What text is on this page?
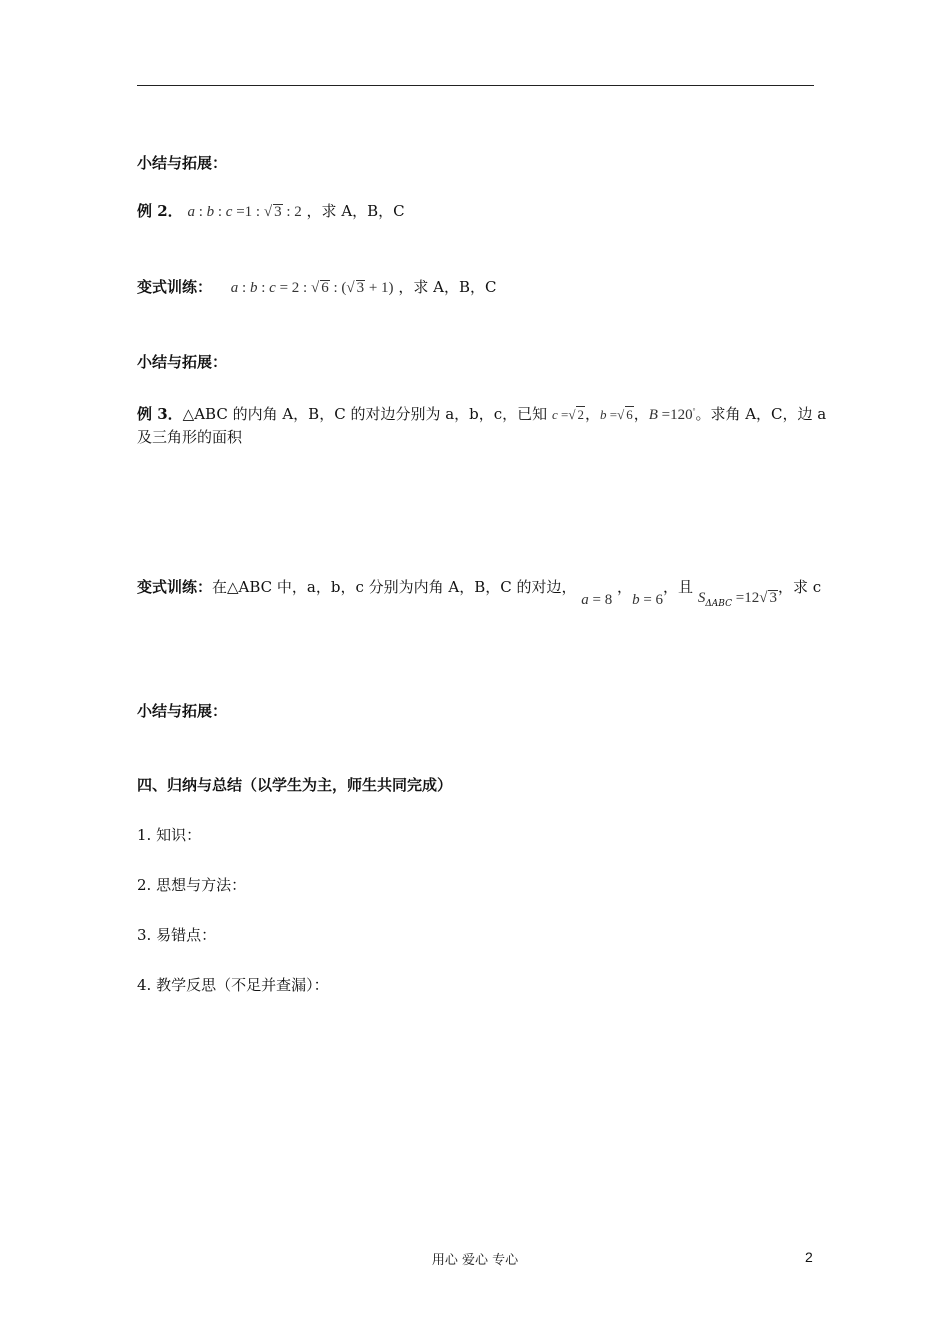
小结与拓展：
例 2． a : b : c =1 : √ 3 : 2 ，求 A，B，C
变式训练： a : b : c = 2 : √ 6 : (√ 3 + 1) ，求 A，B，C
小结与拓展：
例 3．△ABC 的内角 A，B，C 的对边分别为 a，b，c，已知 c =√ 2，b =√ 6，B =120°。求角 A，C，边 a
及三角形的面积
变式训练：在△ABC 中，a，b，c 分别为内角 A，B，C 的对边， a = 8 ，b = 6，且 $S_{\Delta ABC} =12√$ 3，求 c
小结与拓展：
四、归纳与总结（以学生为主，师生共同完成）
1. 知识：
2. 思想与方法：
3. 易错点：
4. 教学反思（不足并查漏）：
用心 爱心 专心	2
